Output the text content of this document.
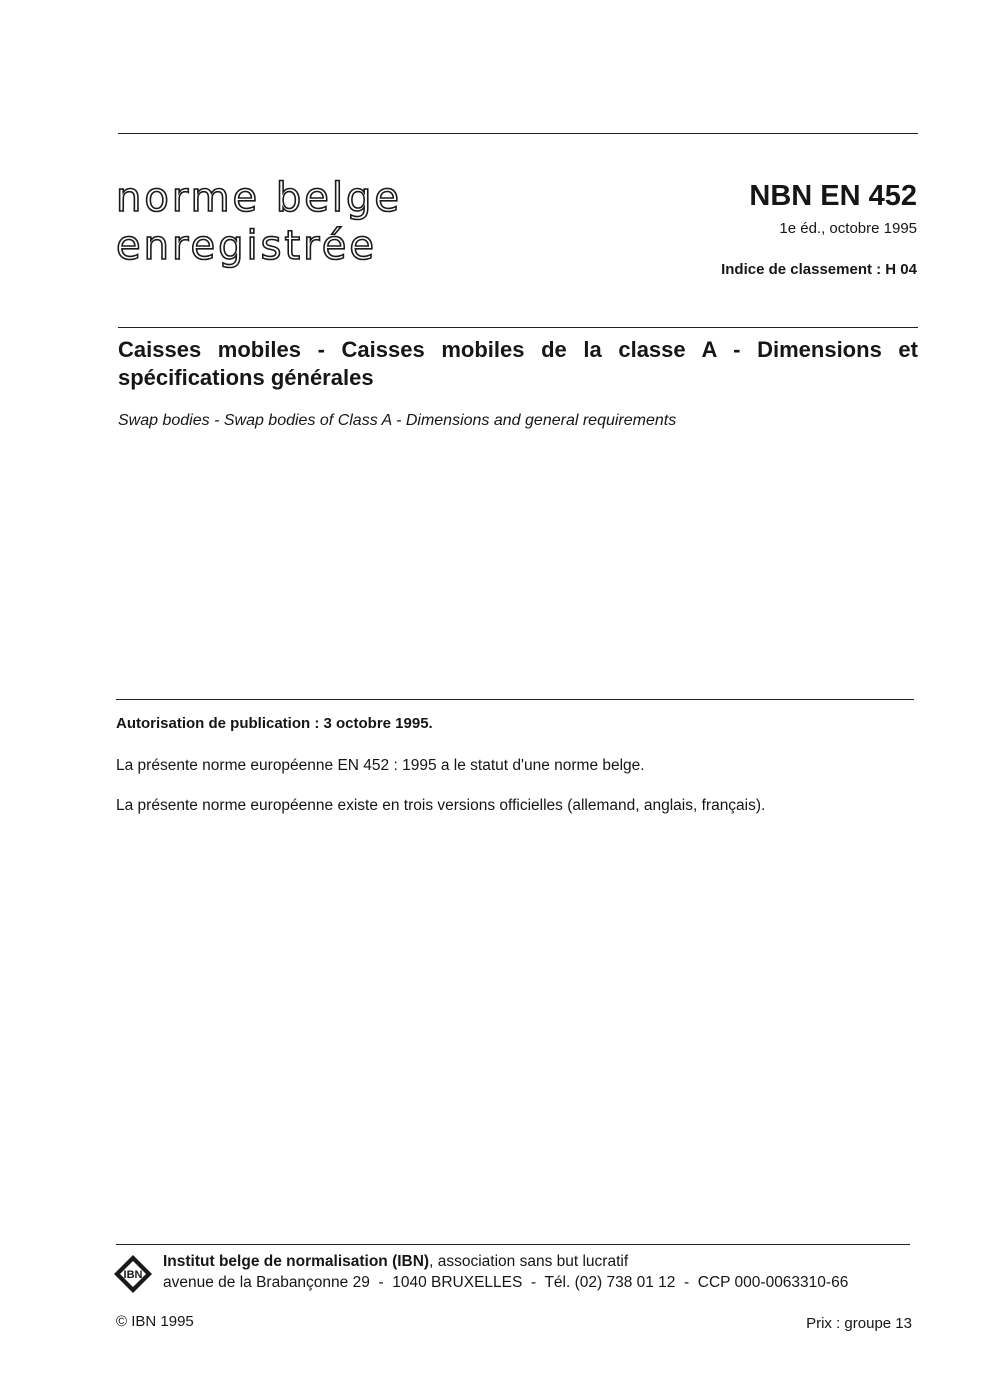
norme belge
enregistrée
NBN EN 452
1e éd., octobre 1995
Indice de classement : H 04
Caisses mobiles - Caisses mobiles de la classe A - Dimensions et spécifications générales
Swap bodies - Swap bodies of Class A - Dimensions and general requirements
Autorisation de publication : 3 octobre 1995.
La présente norme européenne EN 452 : 1995 a le statut d'une norme belge.
La présente norme européenne existe en trois versions officielles (allemand, anglais, français).
IBN
Institut belge de normalisation (IBN), association sans but lucratif
avenue de la Brabançonne 29  -  1040 BRUXELLES  -  Tél. (02) 738 01 12  -  CCP 000-0063310-66
© IBN 1995	Prix : groupe 13
